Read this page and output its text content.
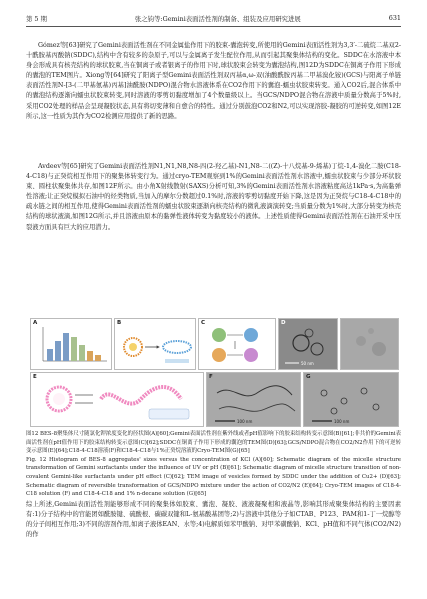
第 5 期	张之钧等:Gemini表面活性剂的制备、组装及应用研究进展	631
Gómez等[63]研究了Gemini表面活性剂在不同金属盐作用下的胶束-囊泡转变,所使用的Gemini表面活性剂为3,3′-二硫烷二基双2-十酰胺基丙酸钠(SDDC),结构中含有较多的杂原子,可以与金属离子发生配位作用,从而引起其聚集体结构的变化。SDDC在水溶液中本身会形成具有核壳结构的球状胶束,当在铜离子或者银离子的作用下时,球状胶束会转变为囊泡结构,图12D为SDDC在铜离子作用下形成的囊泡的TEM图片。Xiong等[64]研究了阳离子型Gemini表面活性剂双丙基α,ω-双(油酸酰胺丙基二甲基溴化铵)(GCS)与阳离子单链表面活性剂N-[3-(二甲基氨基)丙基]油酰胺(NDPO)混合物水溶液体系在CO2作用下的囊泡-蠕虫状胶束转变。通入CO2后,混合体系中的囊泡结构逐渐向蠕虫状胶束转变,同时溶液的零剪切黏度增加了4个数量级以上。当GCS/NDPO混合物在溶液中质量分数高于5%时,采用CO2处理的样品会呈现凝胶状态,具有将切变薄和自愈合的特性。通过分别鼓泡CO2和N2,可以实现溶胶-凝胶的可逆转变,如图12E所示,这一性质为其作为CO2检测应用提供了新的思路。
Avdeev等[65]研究了Gemini表面活性剂N1,N1,N8,N8-四(2-羟乙基)-N1,N8-二((Z)-十八烷基-9-烯基)丁烷-1,4-溴化二胺(C18-4-C18)与正癸烷相互作用下的聚集体转变行为。通过cryo-TEM观察到1%的Gemini表面活性剂水溶液中,蠕虫状胶束与少部分环状胶束、圆柱状聚集体共存,如图12F所示。由小角X射线散射(SAXS)分析可知,3%的Gemini表面活性剂水溶液粘度高达1kPa·s,为高黏弹性溶液;让正癸烷模拟石油中的烃类物质,当加入的摩尔分数超过0.1%时,溶液的零剪切黏度开始下降,这是因为正癸烷与C18-4-C18中的疏水链之间的相互作用,使得Gemini表面活性剂的蠕虫状胶束逐渐向核壳结构的微乳液滴演转变;当质量分数为1%时,大部分转变为核壳结构的球状液滴,如图12G所示,并且溶液由原本的黏弹性液体转变为黏度较小的液体。上述性质使得Gemini表面活性剂在石油开采中压裂液方面具有巨大的应用潜力。
A	B	C	D
50 nm
E	F
100 nm
G
100 nm

图12 BES-8聚集体尺寸随氯化钾浓度变化的径状图(A)[60];Gemini表面活性剂在紫外线或者pH值影响下的胶束结构转变示意图(B)[61];非共价的Gemini表面活性剂在pH值作用下的胶束结构转变示意图(C)[62];SDDC在铜离子作用下形成的囊泡的TEM图(D)[63];GCS/NDPO混合物在CO2/N2作用下的可逆转变示意图(E)[64];C18-4-C18溶液(F)和C18-4-C18与1%正癸烷溶液的Cryo-TEM图(G)[65]

Fig. 12 Histogram of BES-8 aggregates' sizes versus the concentration of KCl (A)[60]; Schematic diagram of the micelle structure transformation of Gemini surfactants under the influence of UV or pH (B)[61]; Schematic diagram of micelle structure transition of non-covalent Gemini-like surfactants under pH effect (C)[62]; TEM image of vesicles formed by SDDC under the addition of Cu2+ (D)[63]; Schematic diagram of reversible transformation of GCS/NDPO mixture under the action of CO2/N2 (E)[64]; Cryo-TEM images of C18-4-C18 solution (F) and C18-4-C18 and 1% n-decane solution (G)[65]

综上所述,Gemini表面活性剂能够形成不同的聚集体如胶束、囊泡、凝胶、液液凝聚相和液晶等,影响其形成聚集体结构的主要因素有:1)分子结构中的官能团如酰胺键、硫酸根、碳碳双键和L-氨基酸基团等;2)与溶液中其他分子如CTAB、P123、PAM和1-丁一烷醇等的分子间相互作用;3)不同的溶剂作用,如离子液体EAN、水等;4)电解质如苯甲酸钠、对甲苯磺酸钠、KCl、pH值和不同气体(CO2/N2)的作
